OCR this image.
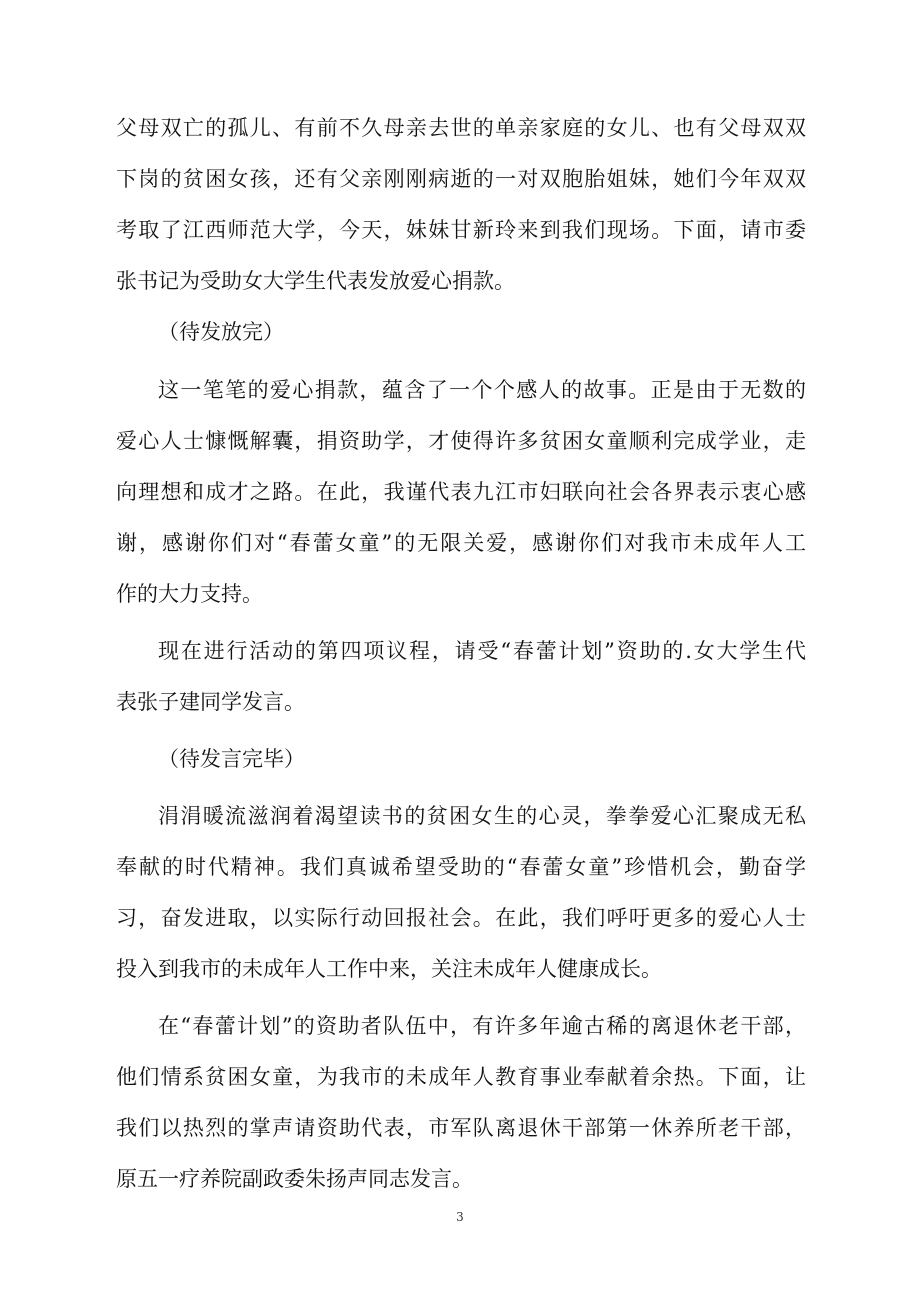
父母双亡的孤儿、有前不久母亲去世的单亲家庭的女儿、也有父母双双
下岗的贫困女孩，还有父亲刚刚病逝的一对双胞胎姐妹，她们今年双双
考取了江西师范大学，今天，妹妹甘新玲来到我们现场。下面，请市委
张书记为受助女大学生代表发放爱心捐款。
（待发放完）
这一笔笔的爱心捐款，蕴含了一个个感人的故事。正是由于无数的
爱心人士慷慨解囊，捐资助学，才使得许多贫困女童顺利完成学业，走
向理想和成才之路。在此，我谨代表九江市妇联向社会各界表示衷心感
谢，感谢你们对“春蕾女童”的无限关爱，感谢你们对我市未成年人工
作的大力支持。
现在进行活动的第四项议程，请受“春蕾计划”资助的.女大学生代
表张子建同学发言。
（待发言完毕）
涓涓暖流滋润着渴望读书的贫困女生的心灵，拳拳爱心汇聚成无私
奉献的时代精神。我们真诚希望受助的“春蕾女童”珍惜机会，勤奋学
习，奋发进取，以实际行动回报社会。在此，我们呼吁更多的爱心人士
投入到我市的未成年人工作中来，关注未成年人健康成长。
在“春蕾计划”的资助者队伍中，有许多年逾古稀的离退休老干部，
他们情系贫困女童，为我市的未成年人教育事业奉献着余热。下面，让
我们以热烈的掌声请资助代表，市军队离退休干部第一休养所老干部，
原五一疗养院副政委朱扬声同志发言。
3
